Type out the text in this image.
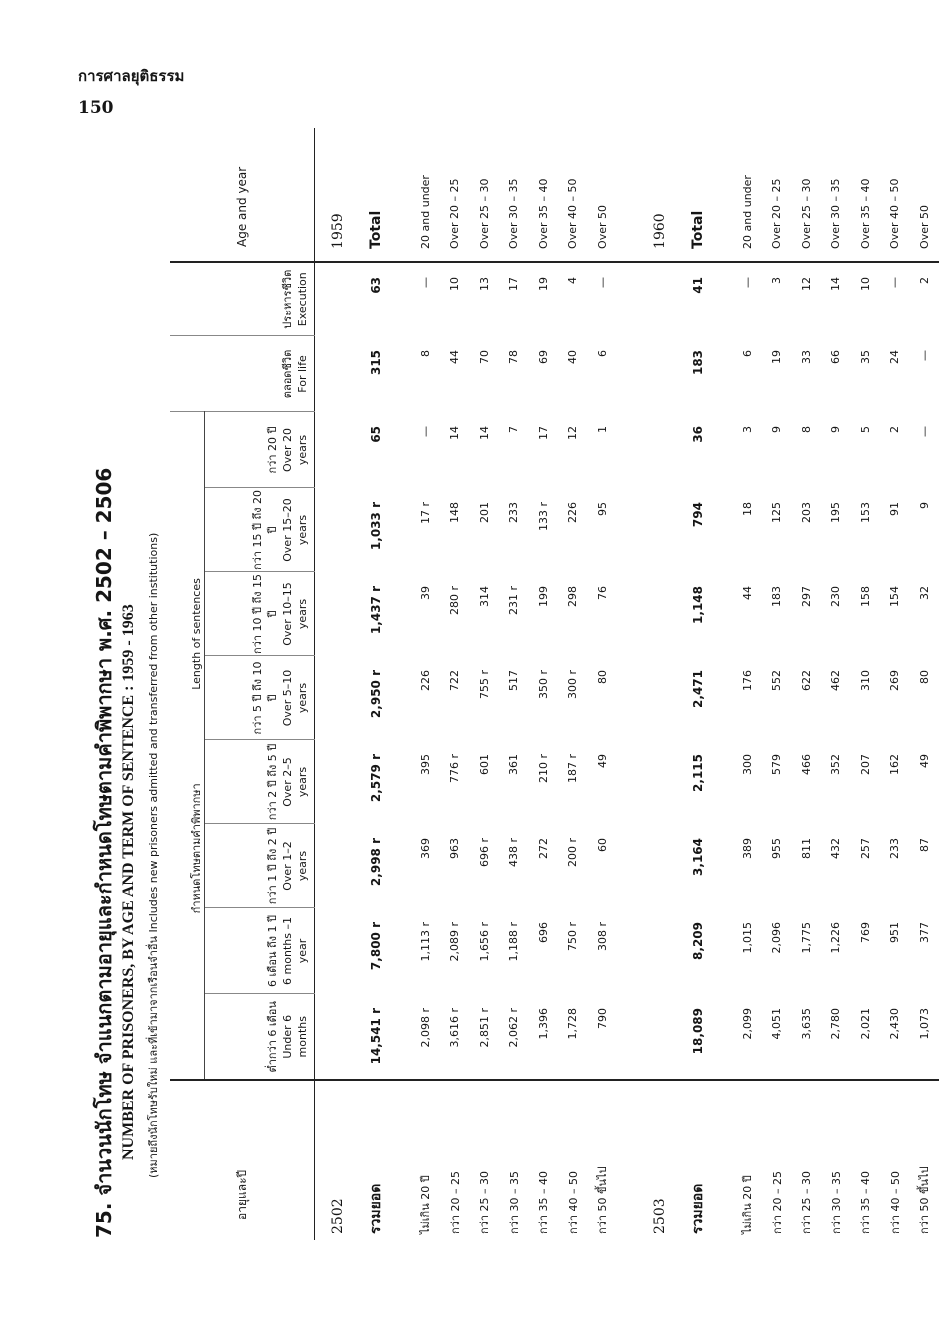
การศาลยุติธรรม
150
75. จำนวนนักโทษ จำแนกตามอายุและกำหนดโทษตามคำพิพากษา พ.ศ. 2502 – 2506 NUMBER OF PRISONERS, BY AGE AND TERM OF SENTENCE : 1959 - 1963 (หมายถึงนักโทษรับใหม่ และที่เข้ามาจากเรือนจำอื่น Includes new prisoners admitted and transferred from other institutions)
อายุและปี	กำหนดโทษตามคำพิพากษา Length of sentences								ตลอดชีวิต For life	ประหารชีวิต Execution	Age and year

	ต่ำกว่า 6 เดือน Under 6 months	6 เดือน ถึง 1 ปี 6 months –1 year	กว่า 1 ปี ถึง 2 ปี Over 1–2 years	กว่า 2 ปี ถึง 5 ปี Over 2–5 years	กว่า 5 ปี ถึง 10 ปี Over 5–10 years	กว่า 10 ปี ถึง 15 ปี Over 10–15 years	กว่า 15 ปี ถึง 20 ปี Over 15–20 years	กว่า 20 ปี Over 20 years			

2502											1959
รวมยอด	14,541 r	7,800 r	2,998 r	2,579 r	2,950 r	1,437 r	1,033 r	65	315	63	Total

ไม่เกิน 20 ปี	2,098 r	1,113 r	369	395	226	39	17 r	—	8	—	20 and under
กว่า 20 – 25	3,616 r	2,089 r	963	776 r	722	280 r	148	14	44	10	Over 20 – 25
กว่า 25 – 30	2,851 r	1,656 r	696 r	601	755 r	314	201	14	70	13	Over 25 – 30
กว่า 30 – 35	2,062 r	1,188 r	438 r	361	517	231 r	233	7	78	17	Over 30 – 35
กว่า 35 – 40	1,396	696	272	210 r	350 r	199	133 r	17	69	19	Over 35 – 40
กว่า 40 – 50	1,728	750 r	200 r	187 r	300 r	298	226	12	40	4	Over 40 – 50
กว่า 50 ขึ้นไป	790	308 r	60	49	80	76	95	1	6	—	Over 50

2503											1960
รวมยอด	18,089	8,209	3,164	2,115	2,471	1,148	794	36	183	41	Total

ไม่เกิน 20 ปี	2,099	1,015	389	300	176	44	18	3	6	—	20 and under
กว่า 20 – 25	4,051	2,096	955	579	552	183	125	9	19	3	Over 20 – 25
กว่า 25 – 30	3,635	1,775	811	466	622	297	203	8	33	12	Over 25 – 30
กว่า 30 – 35	2,780	1,226	432	352	462	230	195	9	66	14	Over 30 – 35
กว่า 35 – 40	2,021	769	257	207	310	158	153	5	35	10	Over 35 – 40
กว่า 40 – 50	2,430	951	233	162	269	154	91	2	24	—	Over 40 – 50
กว่า 50 ขึ้นไป	1,073	377	87	49	80	32	9	—	—	2	Over 50
